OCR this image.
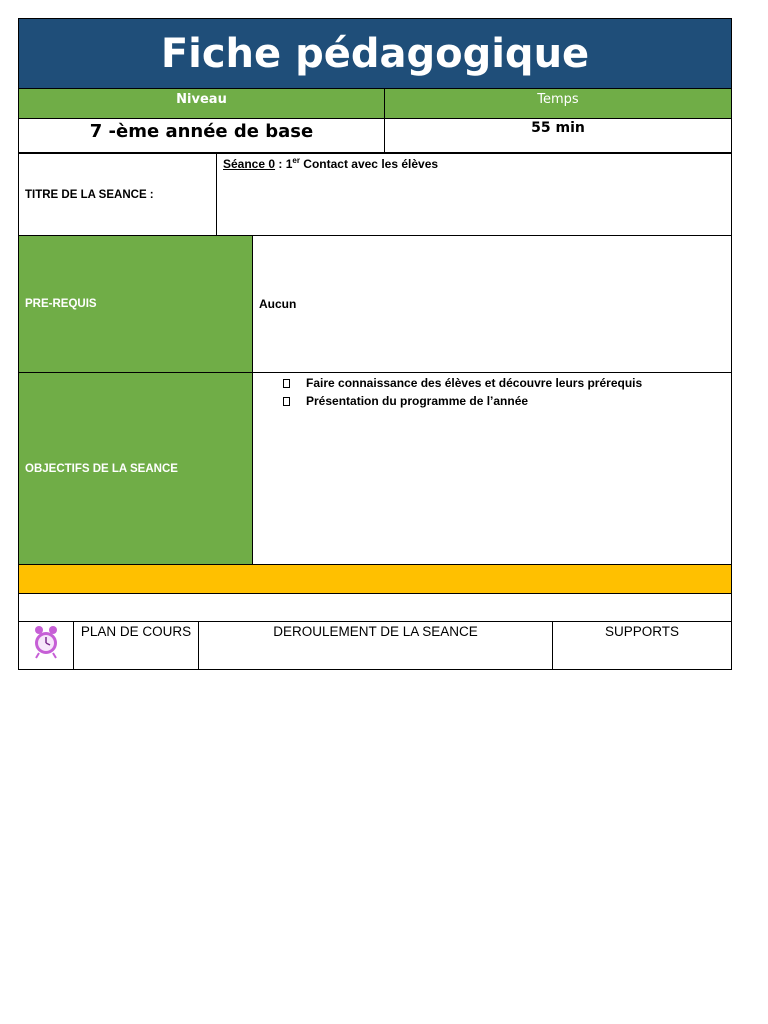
Fiche pédagogique
Niveau	Temps
7 -ème année de base	55 min
TITRE DE LA SEANCE :
Séance 0 : 1er Contact avec les élèves
PRE-REQUIS	Aucun
OBJECTIFS DE LA SEANCE
Faire connaissance des élèves et découvre leurs prérequis
Présentation du programme de l’année
PLAN DE COURS	DEROULEMENT DE LA SEANCE	SUPPORTS
